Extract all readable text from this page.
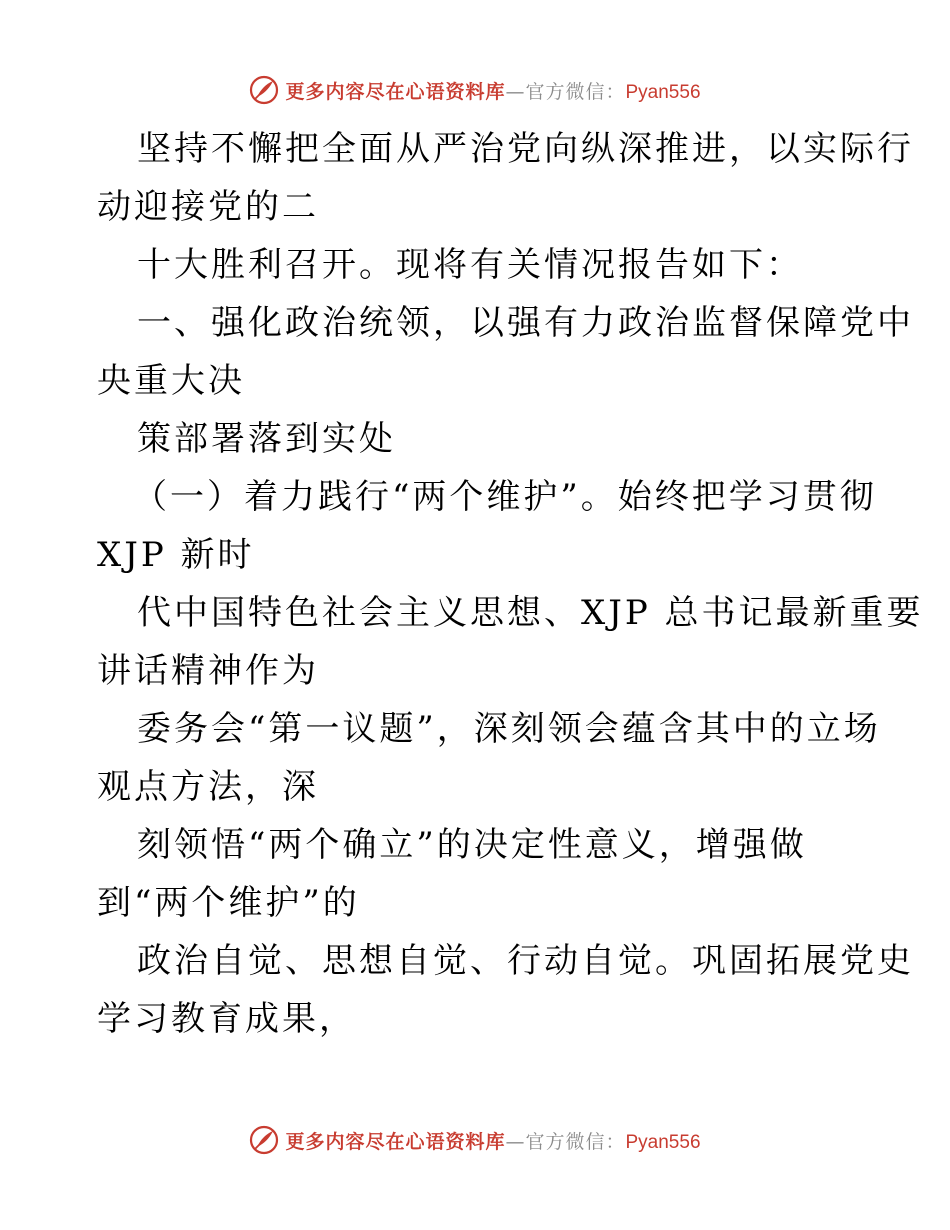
更多内容尽在心语资料库—官方微信：Pyan556
坚持不懈把全面从严治党向纵深推进，以实际行
动迎接党的二
十大胜利召开。现将有关情况报告如下：
一、强化政治统领，以强有力政治监督保障党中
央重大决
策部署落到实处
（一）着力践行“两个维护”。始终把学习贯彻
XJP 新时
代中国特色社会主义思想、XJP 总书记最新重要
讲话精神作为
委务会“第一议题”，深刻领会蕴含其中的立场
观点方法，深
刻领悟“两个确立”的决定性意义，增强做
到“两个维护”的
政治自觉、思想自觉、行动自觉。巩固拓展党史
学习教育成果，
更多内容尽在心语资料库—官方微信：Pyan556
